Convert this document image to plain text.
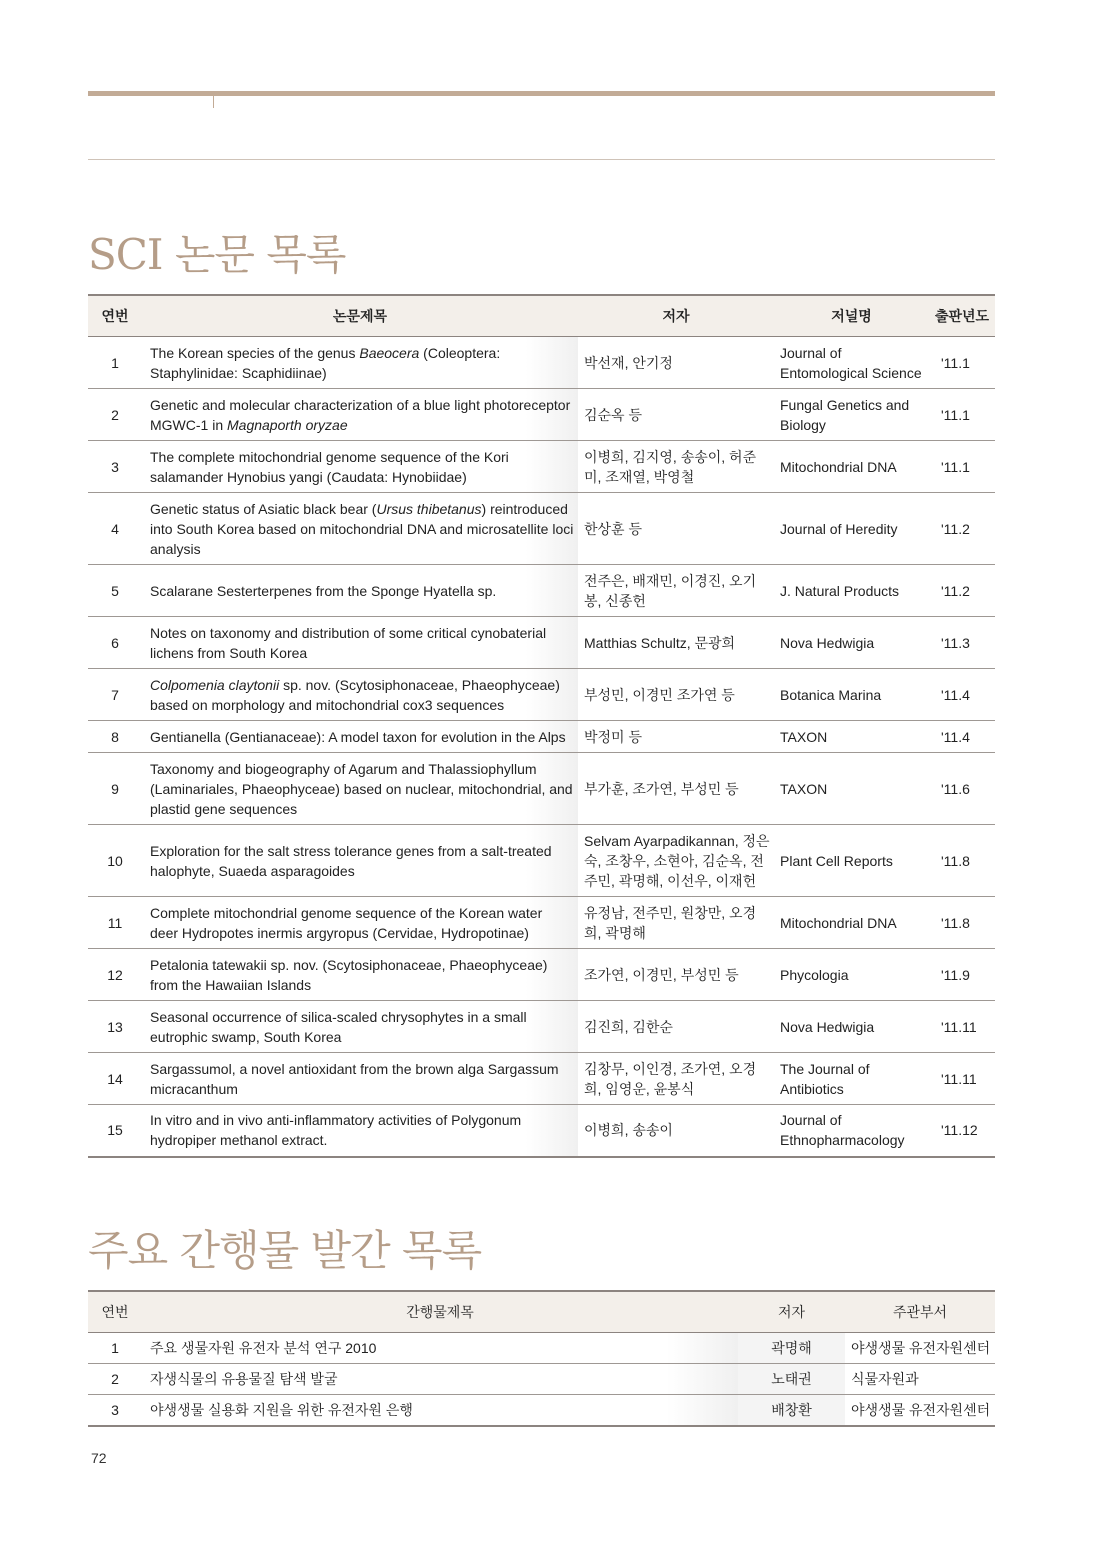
SCI 논문 목록
연번	논문제목	저자	저널명	출판년도
1	The Korean species of the genus Baeocera (Coleoptera: Staphylinidae: Scaphidiinae)	박선재, 안기정	Journal of Entomological Science	'11.1
2	Genetic and molecular characterization of a blue light photoreceptor MGWC-1 in Magnaporth oryzae	김순옥 등	Fungal Genetics and Biology	'11.1
3	The complete mitochondrial genome sequence of the Kori salamander Hynobius yangi (Caudata: Hynobiidae)	이병희, 김지영, 송송이, 허준미, 조재열, 박영철	Mitochondrial DNA	'11.1
4	Genetic status of Asiatic black bear (Ursus thibetanus) reintroduced into South Korea based on mitochondrial DNA and microsatellite loci analysis	한상훈 등	Journal of Heredity	'11.2
5	Scalarane Sesterterpenes from the Sponge Hyatella sp.	전주은, 배재민, 이경진, 오기봉, 신종헌	J. Natural Products	'11.2
6	Notes on taxonomy and distribution of some critical cynobaterial lichens from South Korea	Matthias Schultz, 문광희	Nova Hedwigia	'11.3
7	Colpomenia claytonii sp. nov. (Scytosiphonaceae, Phaeophyceae) based on morphology and mitochondrial cox3 sequences	부성민, 이경민 조가연 등	Botanica Marina	'11.4
8	Gentianella (Gentianaceae): A model taxon for evolution in the Alps	박정미 등	TAXON	'11.4
9	Taxonomy and biogeography of Agarum and Thalassiophyllum (Laminariales, Phaeophyceae) based on nuclear, mitochondrial, and plastid gene sequences	부가훈, 조가연, 부성민 등	TAXON	'11.6
10	Exploration for the salt stress tolerance genes from a salt-treated halophyte, Suaeda asparagoides	Selvam Ayarpadikannan, 정은숙, 조창우, 소현아, 김순옥, 전주민, 곽명해, 이선우, 이재헌	Plant Cell Reports	'11.8
11	Complete mitochondrial genome sequence of the Korean water deer Hydropotes inermis argyropus (Cervidae, Hydropotinae)	유정남, 전주민, 원창만, 오경희, 곽명해	Mitochondrial DNA	'11.8
12	Petalonia tatewakii sp. nov. (Scytosiphonaceae, Phaeophyceae) from the Hawaiian Islands	조가연, 이경민, 부성민 등	Phycologia	'11.9
13	Seasonal occurrence of silica-scaled chrysophytes in a small eutrophic swamp, South Korea	김진희, 김한순	Nova Hedwigia	'11.11
14	Sargassumol, a novel antioxidant from the brown alga Sargassum micracanthum	김창무, 이인경, 조가연, 오경희, 임영운, 윤봉식	The Journal of Antibiotics	'11.11
15	In vitro and in vivo anti-inflammatory activities of Polygonum hydropiper methanol extract.	이병희, 송송이	Journal of Ethnopharmacology	'11.12
주요 간행물 발간 목록
연번	간행물제목	저자	주관부서
1	주요 생물자원 유전자 분석 연구 2010	곽명해	야생생물 유전자원센터
2	자생식물의 유용물질 탐색 발굴	노태권	식물자원과
3	야생생물 실용화 지원을 위한 유전자원 은행	배창환	야생생물 유전자원센터
72
